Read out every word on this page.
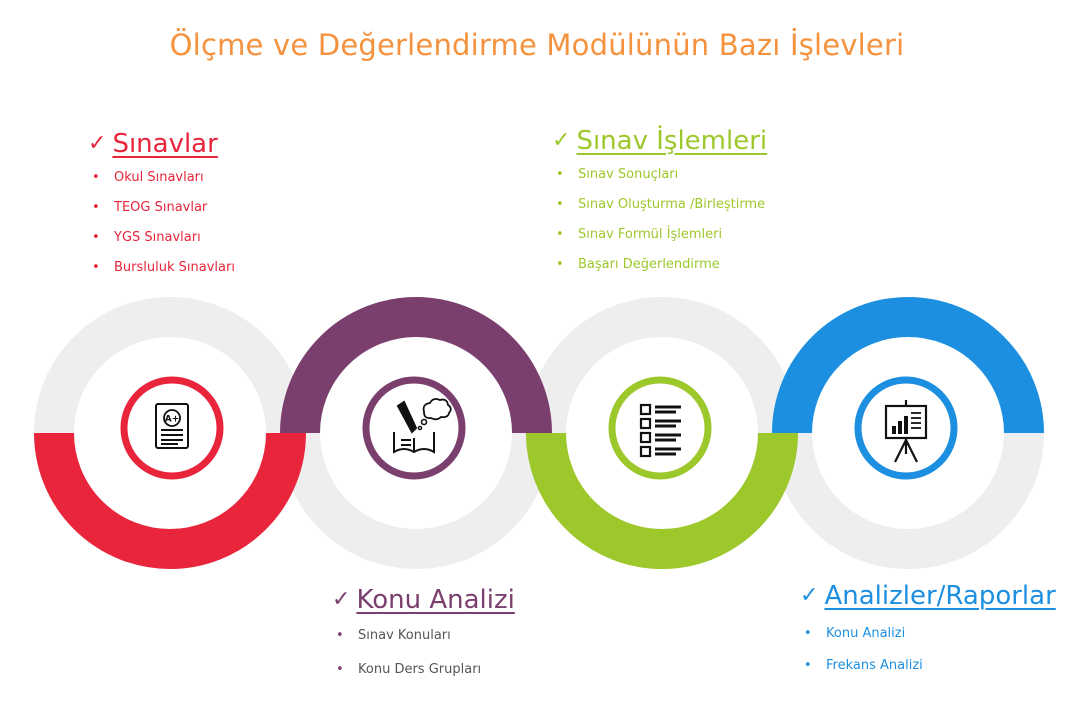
Ölçme ve Değerlendirme Modülünün Bazı İşlevleri
✓ Sınavlar
• Okul Sınavları
• TEOG Sınavlar
• YGS Sınavları
• Bursluluk Sınavları
✓ Sınav İşlemleri
• Sınav Sonuçları
• Sınav Oluşturma /Birleştirme
• Sınav Formül İşlemleri
• Başarı Değerlendirme
✓ Konu Analizi
• Sınav Konuları
• Konu Ders Grupları
✓ Analizler/Raporlar
• Konu Analizi
• Frekans Analizi
A+
